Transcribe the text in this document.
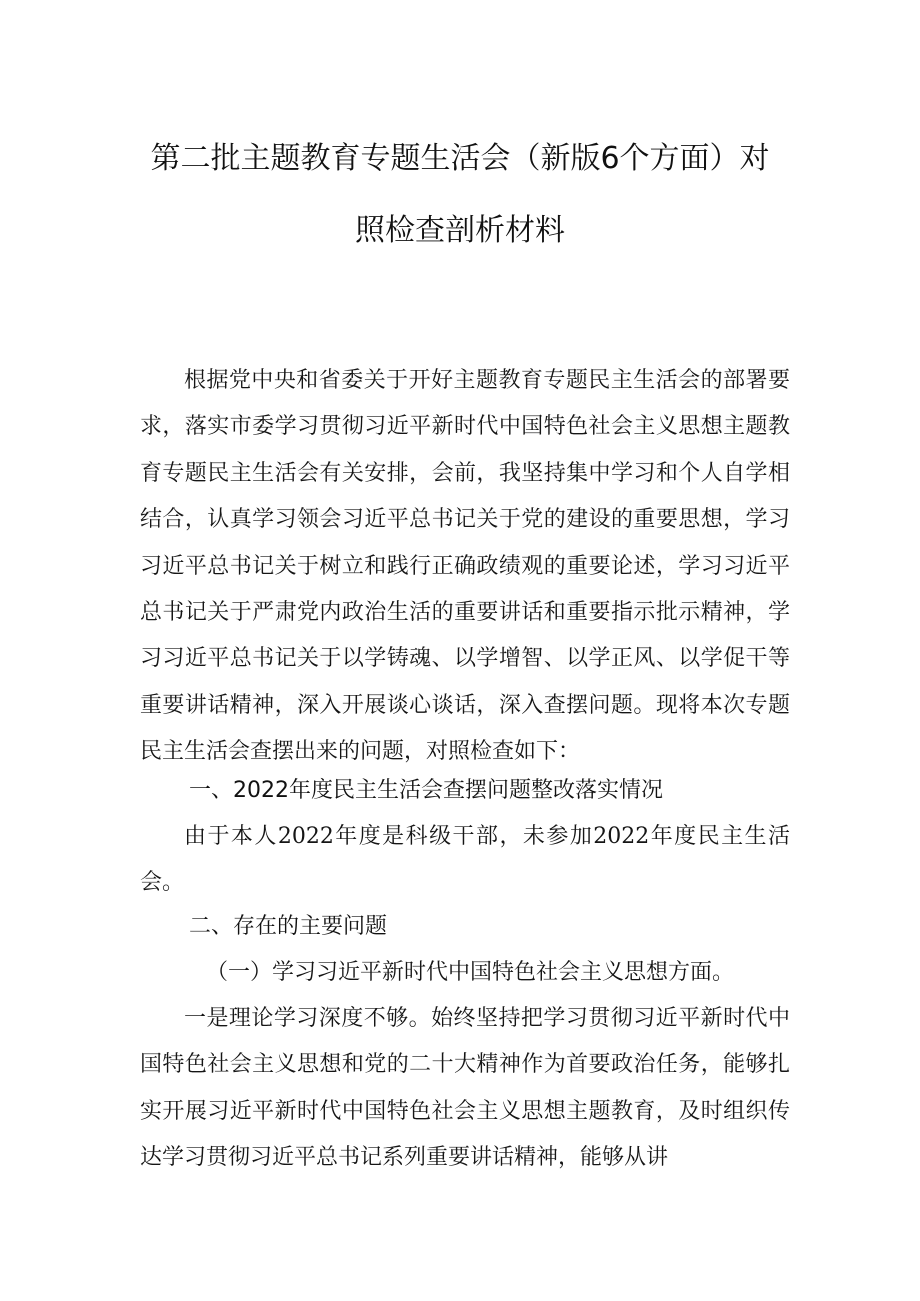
第二批主题教育专题生活会（新版6个方面）对
照检查剖析材料
根据党中央和省委关于开好主题教育专题民主生活会的部署要求，落实市委学习贯彻习近平新时代中国特色社会主义思想主题教育专题民主生活会有关安排，会前，我坚持集中学习和个人自学相结合，认真学习领会习近平总书记关于党的建设的重要思想，学习习近平总书记关于树立和践行正确政绩观的重要论述，学习习近平总书记关于严肃党内政治生活的重要讲话和重要指示批示精神，学习习近平总书记关于以学铸魂、以学增智、以学正风、以学促干等重要讲话精神，深入开展谈心谈话，深入查摆问题。现将本次专题民主生活会查摆出来的问题，对照检查如下：
一、2022年度民主生活会查摆问题整改落实情况
由于本人2022年度是科级干部，未参加2022年度民主生活会。
二、存在的主要问题
（一）学习习近平新时代中国特色社会主义思想方面。
一是理论学习深度不够。始终坚持把学习贯彻习近平新时代中国特色社会主义思想和党的二十大精神作为首要政治任务，能够扎实开展习近平新时代中国特色社会主义思想主题教育，及时组织传达学习贯彻习近平总书记系列重要讲话精神，能够从讲
